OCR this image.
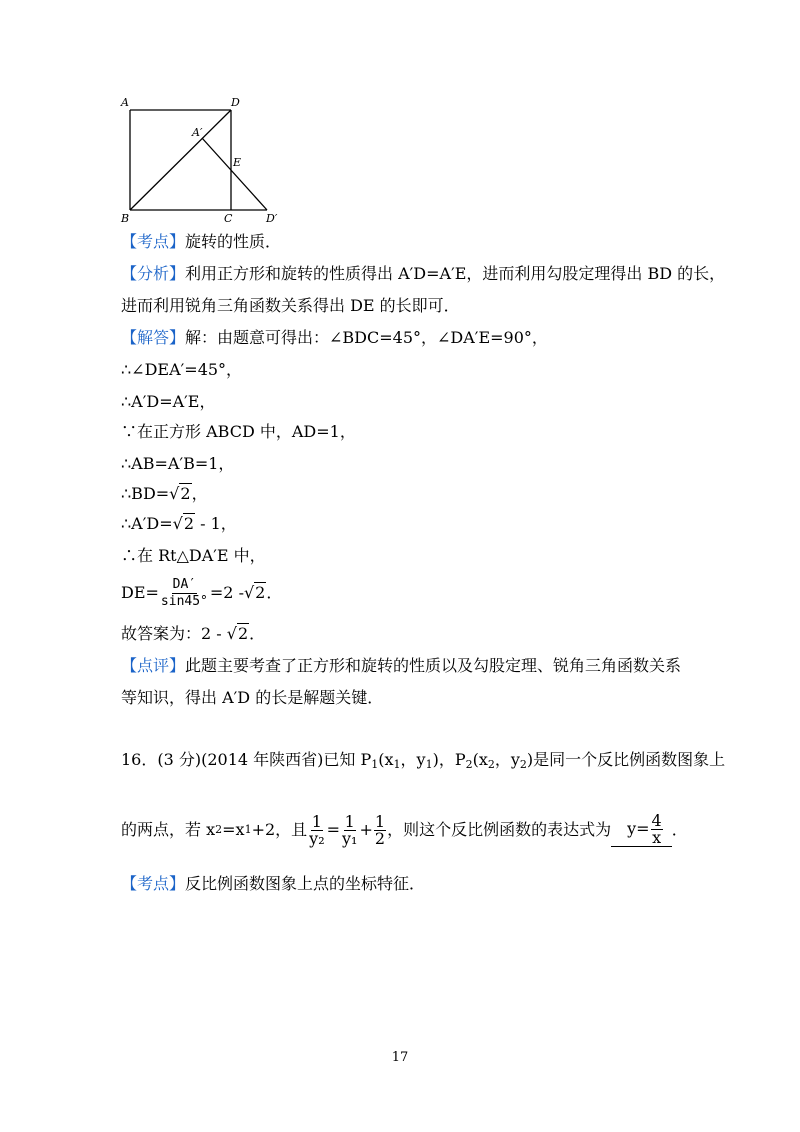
A	D
A′
E
B	C	D′
【考点】旋转的性质．
【分析】利用正方形和旋转的性质得出 A′D=A′E，进而利用勾股定理得出 BD 的长，
进而利用锐角三角函数关系得出 DE 的长即可．
【解答】解：由题意可得出：∠BDC=45°，∠DA′E=90°，
∴∠DEA′=45°，
∴A′D=A′E，
∵在正方形 ABCD 中，AD=1，
∴AB=A′B=1，
∴BD=√2，
∴A′D=√2 - 1，
∴在 Rt△DA′E 中，
$DE= \frac{DA'}{\sin 45^\circ} =2 - √2$ ．
故答案为：2 - √2．
【点评】此题主要考查了正方形和旋转的性质以及勾股定理、锐角三角函数关系
等知识，得出 A′D 的长是解题关键．
16．(3 分)(2014 年陕西省)已知 $P_1(x_1$，$y_1$)，$P_2(x_2$，$y_2$)是同一个反比例函数图象上
的两点，若 x 2 =x 1 +2，且 $\frac{1}{\text{y₂}} = \frac{1}{\text{y₁}} + \frac{1}{2}$ ，则这个反比例函数的表达式为	$y= \frac{4}{x}$ ．
【考点】反比例函数图象上点的坐标特征．
17
